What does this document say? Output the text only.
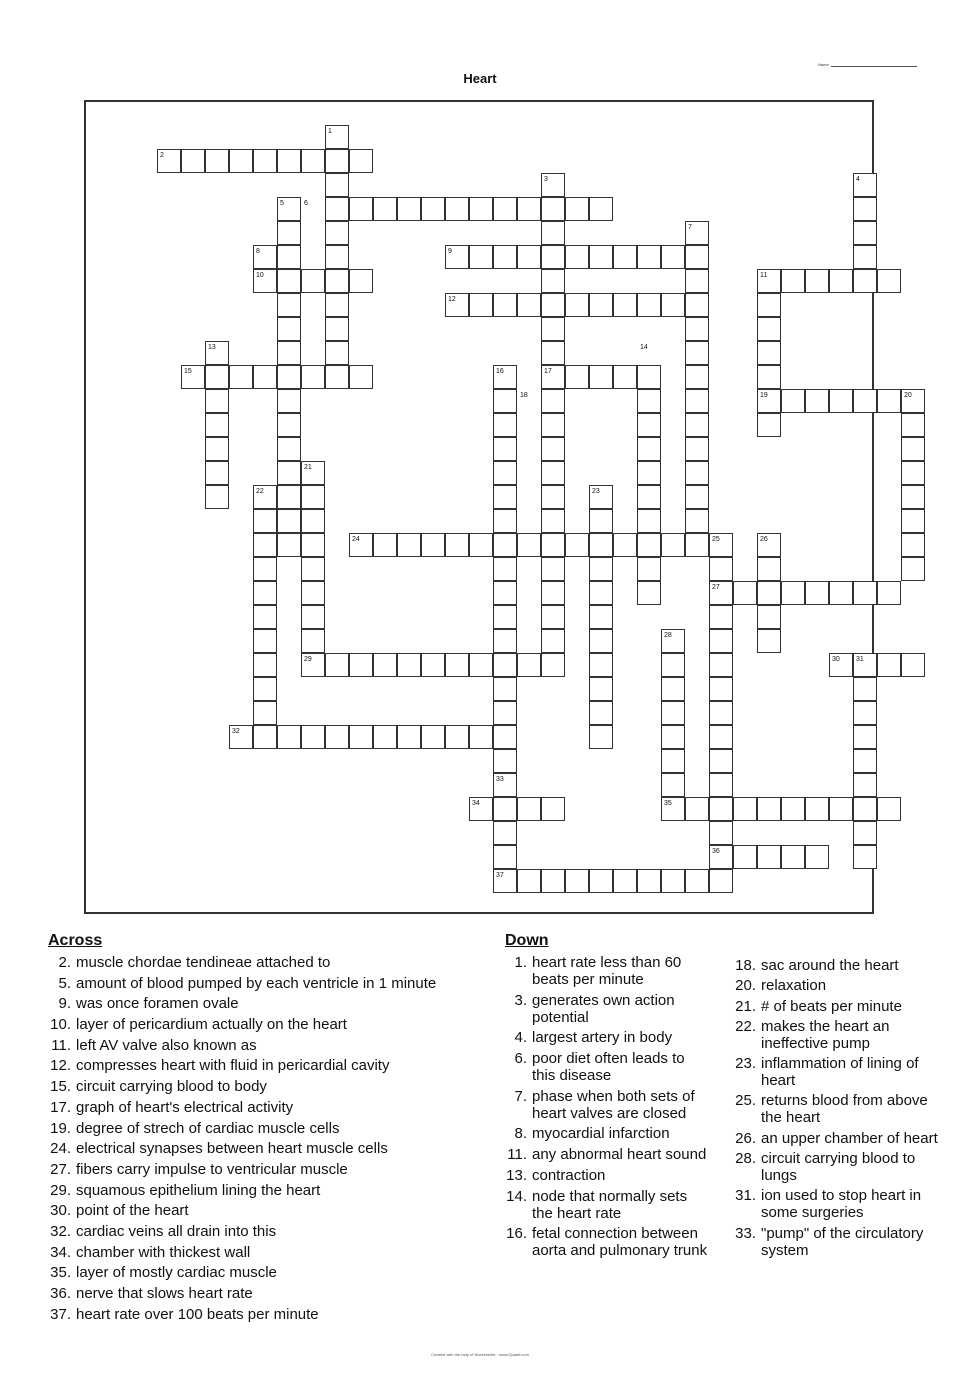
Name
Heart
1
2
3	4
5	6
7
8	9
10	11
12
13	14
15	16	17
18	19	20
21
22	23
24	25	26
27
28
29	30 31
32
33
34	35
36
37
Across
2. muscle chordae tendineae attached to
5. amount of blood pumped by each ventricle in 1 minute
9. was once foramen ovale
10. layer of pericardium actually on the heart
11. left AV valve also known as
12. compresses heart with fluid in pericardial cavity
15. circuit carrying blood to body
17. graph of heart's electrical activity
19. degree of strech of cardiac muscle cells
24. electrical synapses between heart muscle cells
27. fibers carry impulse to ventricular muscle
29. squamous epithelium lining the heart
30. point of the heart
32. cardiac veins all drain into this
34. chamber with thickest wall
35. layer of mostly cardiac muscle
36. nerve that slows heart rate
37. heart rate over 100 beats per minute
Down
1. heart rate less than 60 beats per minute
3. generates own action potential
4. largest artery in body
6. poor diet often leads to this disease
7. phase when both sets of heart valves are closed
8. myocardial infarction
11. any abnormal heart sound
13. contraction
14. node that normally sets the heart rate
16. fetal connection between aorta and pulmonary trunk
18. sac around the heart
20. relaxation
21. # of beats per minute
22. makes the heart an ineffective pump
23. inflammation of lining of heart
25. returns blood from above the heart
26. an upper chamber of heart
28. circuit carrying blood to lungs
31. ion used to stop heart in some surgeries
33. "pump" of the circulatory system
Created with the help of Worksheets - www.Quabit.com
